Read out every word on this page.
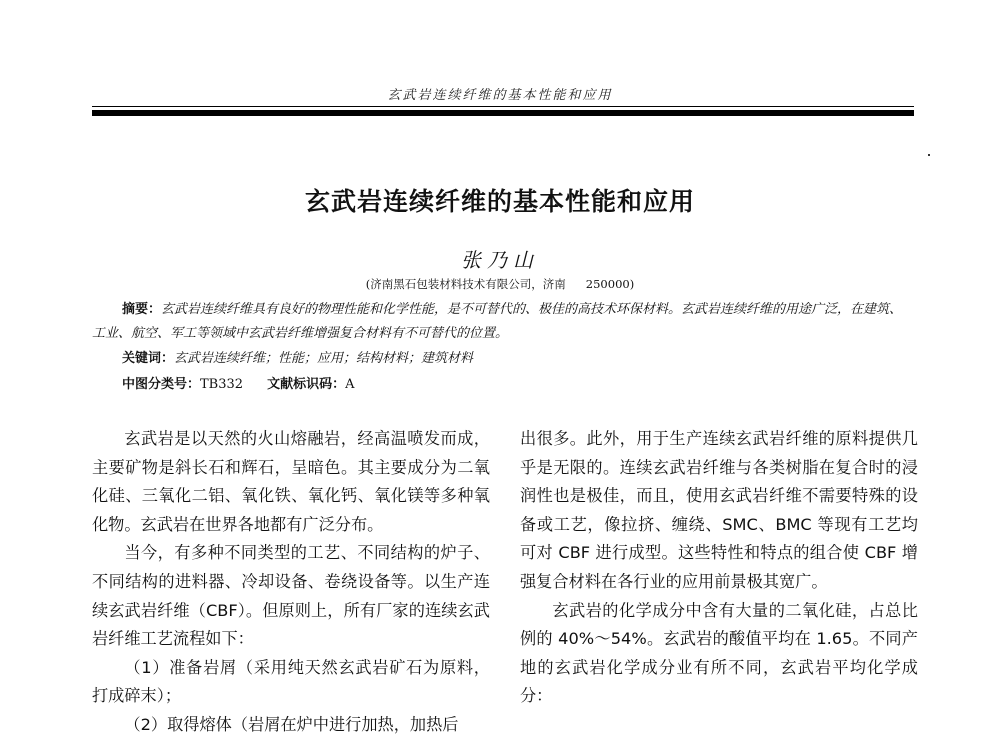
玄武岩连续纤维的基本性能和应用
玄武岩连续纤维的基本性能和应用
张乃山
(济南黑石包装材料技术有限公司，济南 250000)

摘要：玄武岩连续纤维具有良好的物理性能和化学性能，是不可替代的、极佳的高技术环保材料。玄武岩连续纤维的用途广泛，在建筑、工业、航空、军工等领域中玄武岩纤维增强复合材料有不可替代的位置。

关键词：玄武岩连续纤维；性能；应用；结构材料；建筑材料

中图分类号：TB332 文献标识码：A

玄武岩是以天然的火山熔融岩，经高温喷发而成，主要矿物是斜长石和辉石，呈暗色。其主要成分为二氧化硅、三氧化二铝、氧化铁、氧化钙、氧化镁等多种氧化物。玄武岩在世界各地都有广泛分布。

当今，有多种不同类型的工艺、不同结构的炉子、不同结构的进料器、冷却设备、卷绕设备等。以生产连续玄武岩纤维（CBF）。但原则上，所有厂家的连续玄武岩纤维工艺流程如下：

（1）准备岩屑（采用纯天然玄武岩矿石为原料，打成碎末）；

（2）取得熔体（岩屑在炉中进行加热，加热后

出很多。此外，用于生产连续玄武岩纤维的原料提供几乎是无限的。连续玄武岩纤维与各类树脂在复合时的浸润性也是极佳，而且，使用玄武岩纤维不需要特殊的设备或工艺，像拉挤、缠绕、SMC、BMC 等现有工艺均可对 CBF 进行成型。这些特性和特点的组合使 CBF 增强复合材料在各行业的应用前景极其宽广。

玄武岩的化学成分中含有大量的二氧化硅，占总比例的 40%～54%。玄武岩的酸值平均在 1.65。不同产地的玄武岩化学成分业有所不同，玄武岩平均化学成分：
